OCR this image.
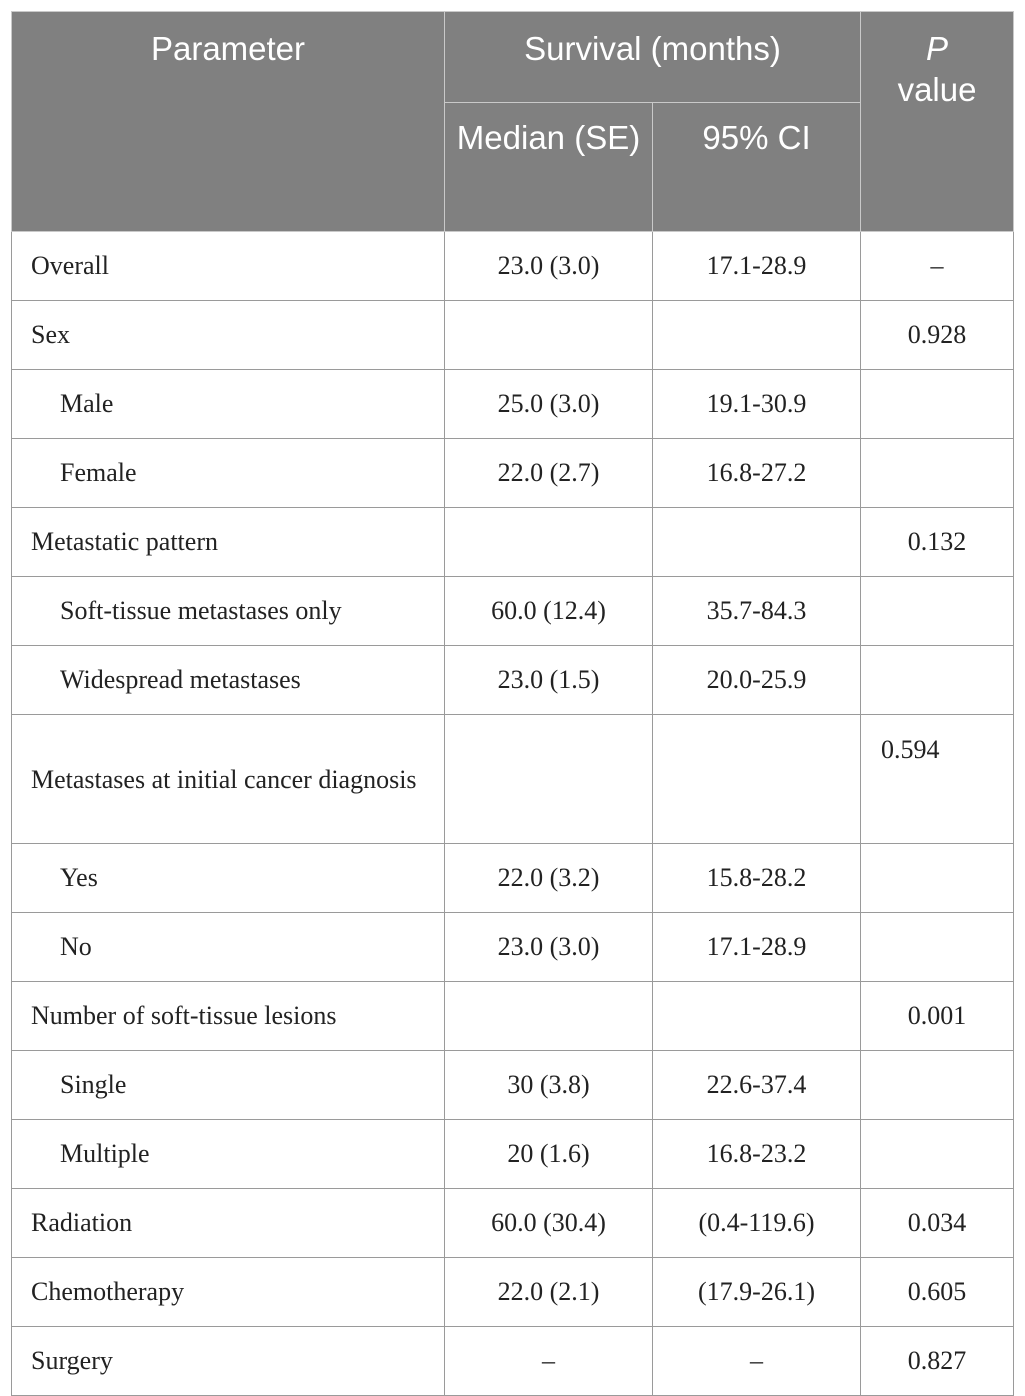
Parameter	Survival (months)		P
value
	Median (SE)	95% CI	
Overall	23.0 (3.0)	17.1-28.9	–
Sex			0.928
Male	25.0 (3.0)	19.1-30.9	
Female	22.0 (2.7)	16.8-27.2	
Metastatic pattern			0.132
Soft-tissue metastases only	60.0 (12.4)	35.7-84.3	
Widespread metastases	23.0 (1.5)	20.0-25.9	
Metastases at initial cancer diagnosis			0.594
Yes	22.0 (3.2)	15.8-28.2	
No	23.0 (3.0)	17.1-28.9	
Number of soft-tissue lesions			0.001
Single	30 (3.8)	22.6-37.4	
Multiple	20 (1.6)	16.8-23.2	
Radiation	60.0 (30.4)	(0.4-119.6)	0.034
Chemotherapy	22.0 (2.1)	(17.9-26.1)	0.605
Surgery	–	–	0.827
